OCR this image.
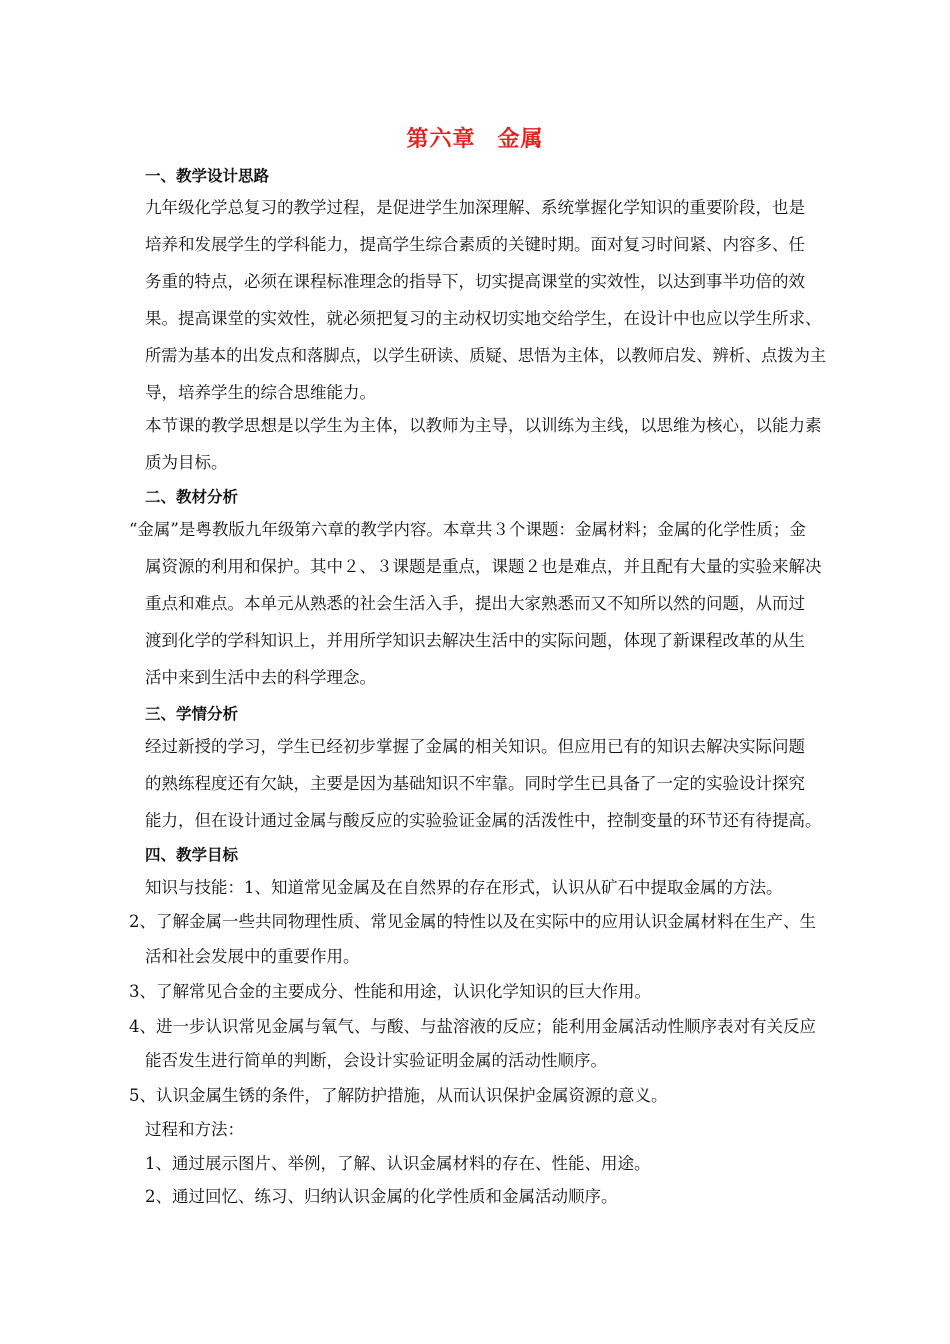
第六章 金属
一、教学设计思路
九年级化学总复习的教学过程，是促进学生加深理解、系统掌握化学知识的重要阶段，也是
培养和发展学生的学科能力，提高学生综合素质的关键时期。面对复习时间紧、内容多、任
务重的特点，必须在课程标准理念的指导下，切实提高课堂的实效性，以达到事半功倍的效
果。提高课堂的实效性，就必须把复习的主动权切实地交给学生，在设计中也应以学生所求、
所需为基本的出发点和落脚点，以学生研读、质疑、思悟为主体，以教师启发、辨析、点拨为主
导，培养学生的综合思维能力。
本节课的教学思想是以学生为主体，以教师为主导，以训练为主线，以思维为核心，以能力素
质为目标。
二、教材分析
“金属”是粤教版九年级第六章的教学内容。本章共３个课题：金属材料；金属的化学性质；金
属资源的利用和保护。其中２、３课题是重点，课题２也是难点，并且配有大量的实验来解决
重点和难点。本单元从熟悉的社会生活入手，提出大家熟悉而又不知所以然的问题，从而过
渡到化学的学科知识上，并用所学知识去解决生活中的实际问题，体现了新课程改革的从生
活中来到生活中去的科学理念。
三、学情分析
经过新授的学习，学生已经初步掌握了金属的相关知识。但应用已有的知识去解决实际问题
的熟练程度还有欠缺，主要是因为基础知识不牢靠。同时学生已具备了一定的实验设计探究
能力，但在设计通过金属与酸反应的实验验证金属的活泼性中，控制变量的环节还有待提高。
四、教学目标
知识与技能：1、知道常见金属及在自然界的存在形式，认识从矿石中提取金属的方法。
2、了解金属一些共同物理性质、常见金属的特性以及在实际中的应用认识金属材料在生产、生
活和社会发展中的重要作用。
3、了解常见合金的主要成分、性能和用途，认识化学知识的巨大作用。
4、进一步认识常见金属与氧气、与酸、与盐溶液的反应；能利用金属活动性顺序表对有关反应
能否发生进行简单的判断，会设计实验证明金属的活动性顺序。
5、认识金属生锈的条件，了解防护措施，从而认识保护金属资源的意义。
过程和方法：
1、通过展示图片、举例，了解、认识金属材料的存在、性能、用途。
2、通过回忆、练习、归纳认识金属的化学性质和金属活动顺序。
